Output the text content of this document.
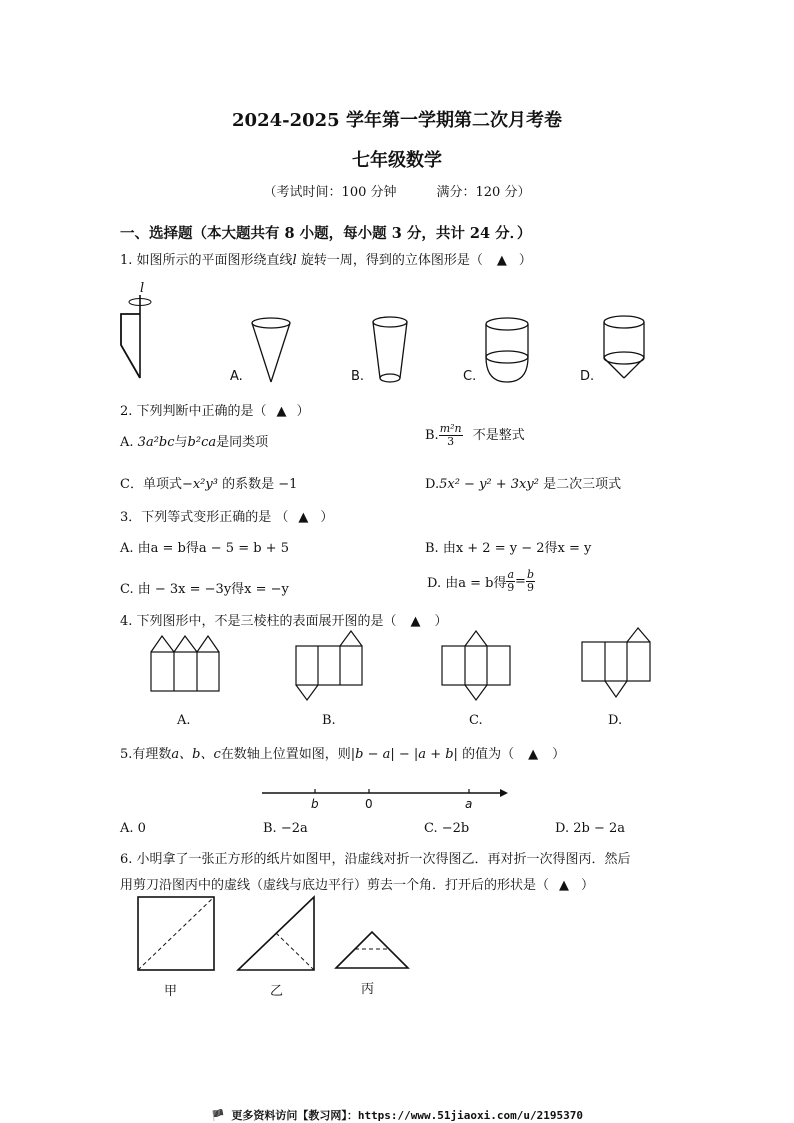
2024-2025 学年第一学期第二次月考卷
七年级数学
（考试时间：100 分钟	满分：120 分）
一、选择题（本大题共有 8 小题，每小题 3 分，共计 24 分．）
1. 如图所示的平面图形绕直线l 旋转一周，得到的立体图形是（ ▲ ）
l
A.	B.	C.	D.
2. 下列判断中正确的是（ ▲ ）
A. 3a²bc与b²ca是同类项	B. $\frac{\text{m²n}}{3}$ 不是整式
C．单项式−x²y³ 的系数是 −1	D.5x² − y² + 3xy² 是二次三项式
3．下列等式变形正确的是 （ ▲ ）
A. 由a = b得a − 5 = b + 5	B. 由x + 2 = y − 2得x = y
C. 由 − 3x = −3y得x = −y	D. 由a = b得 $\frac{a}{9} = \frac{b}{9}$
4. 下列图形中，不是三棱柱的表面展开图的是（ ▲ ）
A.	B.	C.	D.
5.有理数a、b、c在数轴上位置如图，则|b − a| − |a + b| 的值为（ ▲ ）
b	0	a
A. 0	B. −2a	C. −2b	D. 2b − 2a
6. 小明拿了一张正方形的纸片如图甲，沿虚线对折一次得图乙．再对折一次得图丙．然后
用剪刀沿图丙中的虚线（虚线与底边平行）剪去一个角．打开后的形状是（ ▲ ）
甲	乙	丙
🏴 更多资料访问【教习网】：https://www.51jiaoxi.com/u/2195370
